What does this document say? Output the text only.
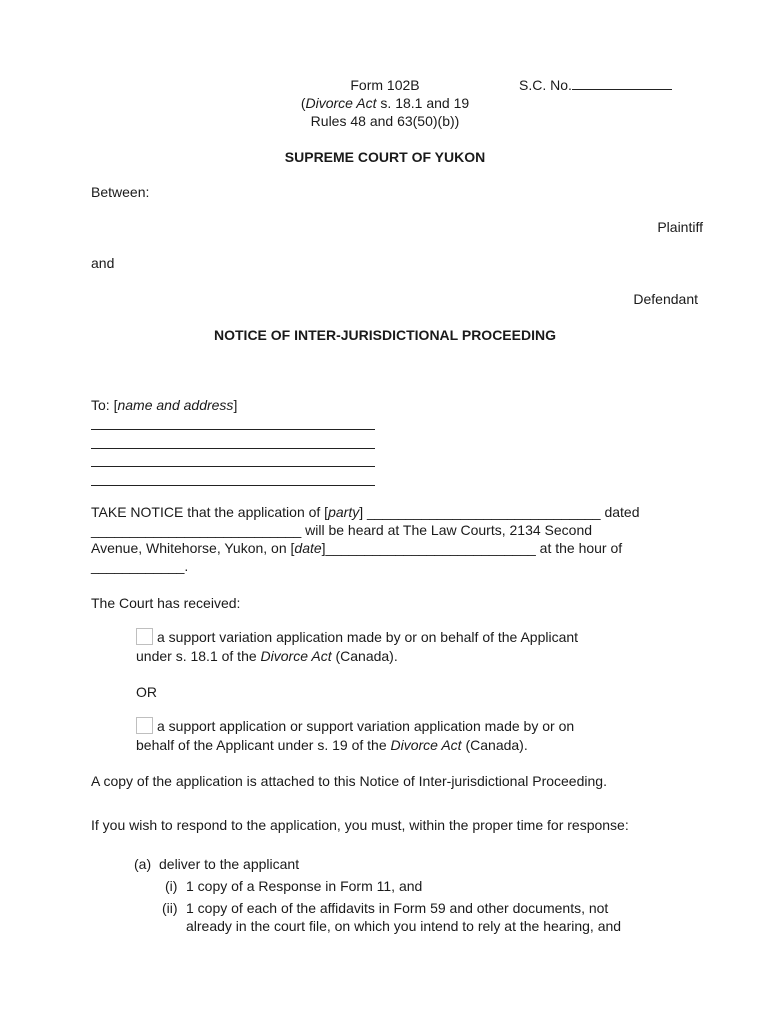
Form 102B
(Divorce Act s. 18.1 and 19
Rules 48 and 63(50)(b))
S.C. No.
SUPREME COURT OF YUKON
Between:
Plaintiff
and
Defendant
NOTICE OF INTER-JURISDICTIONAL PROCEEDING
To: [name and address]
TAKE NOTICE that the application of [party] ______________________________ dated
___________________________ will be heard at The Law Courts, 2134 Second
Avenue, Whitehorse, Yukon, on [date]___________________________ at the hour of
____________.
The Court has received:
a support variation application made by or on behalf of the Applicant
under s. 18.1 of the Divorce Act (Canada).
OR
a support application or support variation application made by or on
behalf of the Applicant under s. 19 of the Divorce Act (Canada).
A copy of the application is attached to this Notice of Inter-jurisdictional Proceeding.
If you wish to respond to the application, you must, within the proper time for response:
(a) deliver to the applicant
(i) 1 copy of a Response in Form 11, and
(ii) 1 copy of each of the affidavits in Form 59 and other documents, not
already in the court file, on which you intend to rely at the hearing, and
